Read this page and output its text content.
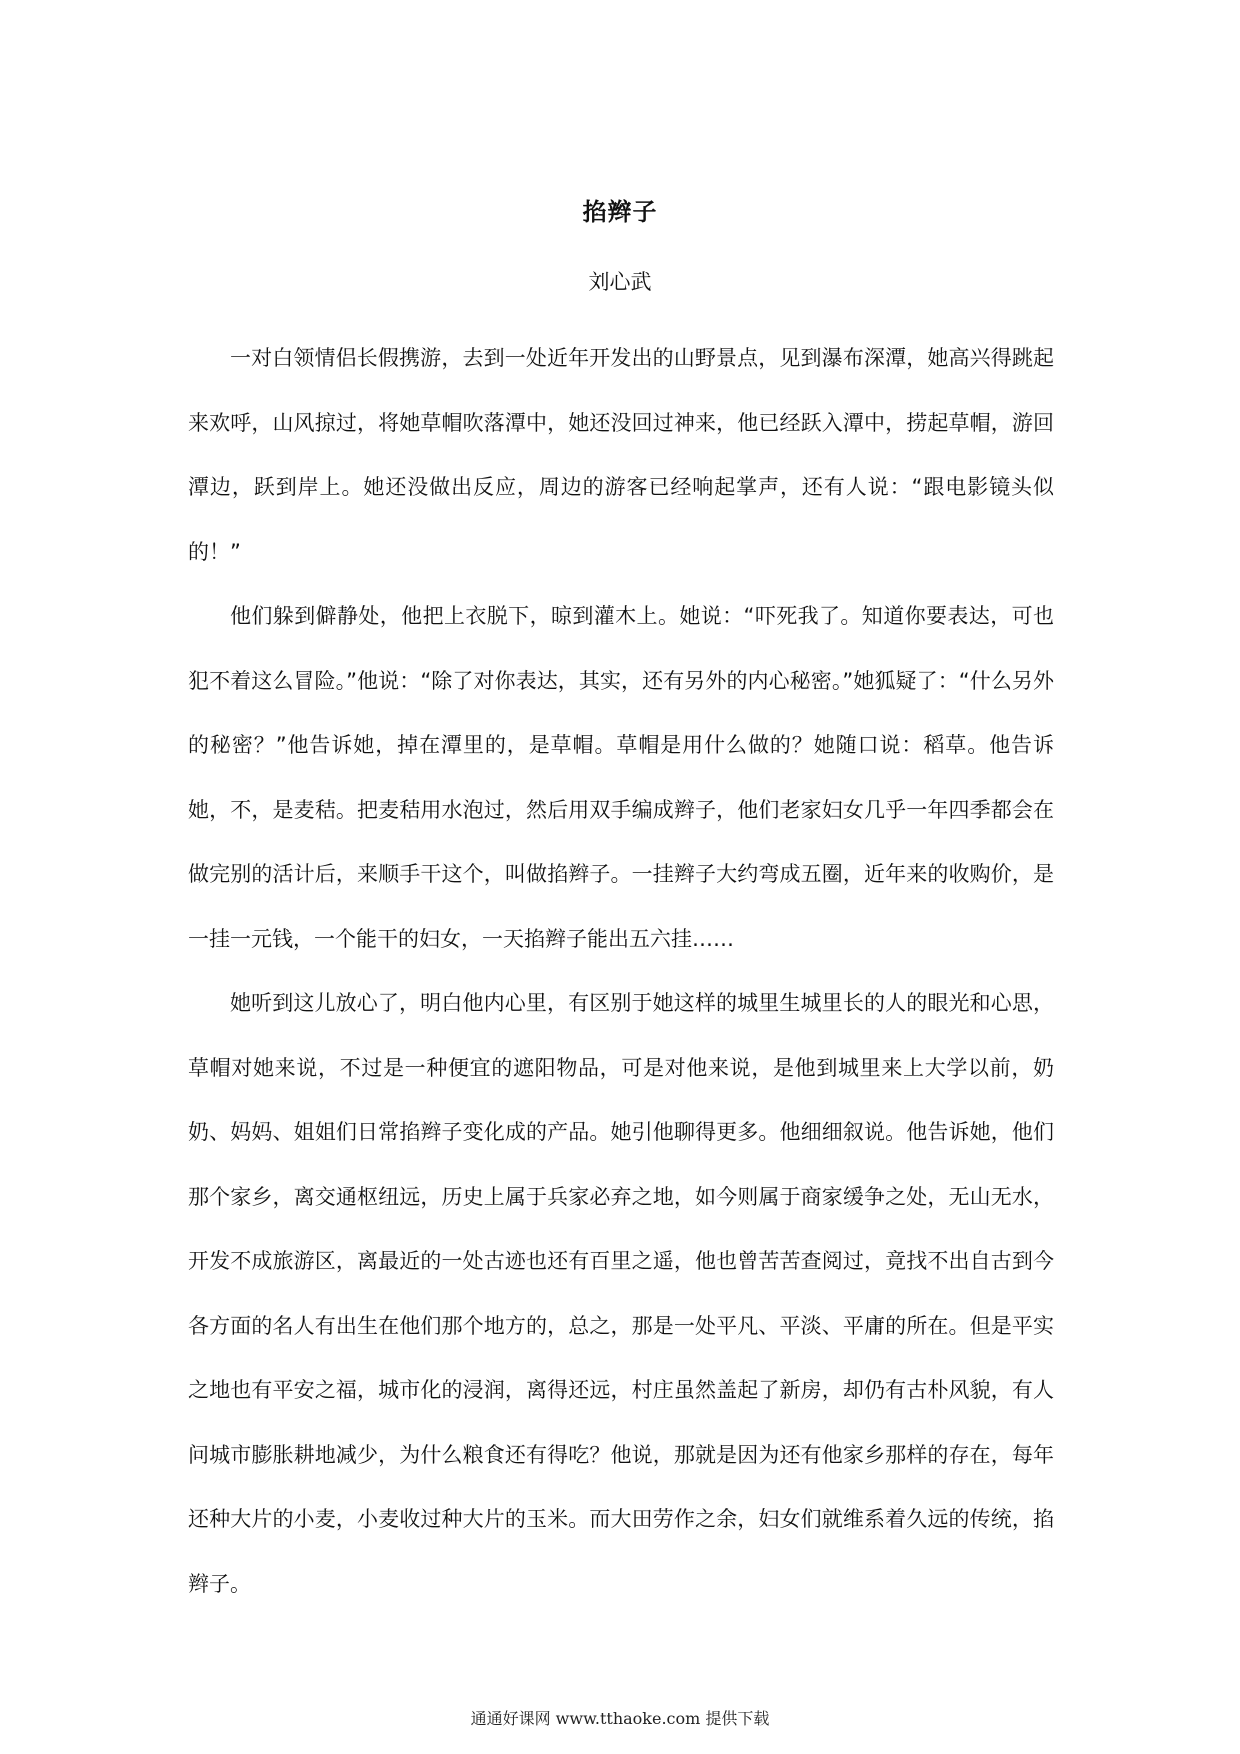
掐辫子
刘心武

一对白领情侣长假携游，去到一处近年开发出的山野景点，见到瀑布深潭，她高兴得跳起来欢呼，山风掠过，将她草帽吹落潭中，她还没回过神来，他已经跃入潭中，捞起草帽，游回潭边，跃到岸上。她还没做出反应，周边的游客已经响起掌声，还有人说：“跟电影镜头似的！”

他们躲到僻静处，他把上衣脱下，晾到灌木上。她说：“吓死我了。知道你要表达，可也犯不着这么冒险。”他说：“除了对你表达，其实，还有另外的内心秘密。”她狐疑了：“什么另外的秘密？”他告诉她，掉在潭里的，是草帽。草帽是用什么做的？她随口说：稻草。他告诉她，不，是麦秸。把麦秸用水泡过，然后用双手编成辫子，他们老家妇女几乎一年四季都会在做完别的活计后，来顺手干这个，叫做掐辫子。一挂辫子大约弯成五圈，近年来的收购价，是一挂一元钱，一个能干的妇女，一天掐辫子能出五六挂……

她听到这儿放心了，明白他内心里，有区别于她这样的城里生城里长的人的眼光和心思，草帽对她来说，不过是一种便宜的遮阳物品，可是对他来说，是他到城里来上大学以前，奶奶、妈妈、姐姐们日常掐辫子变化成的产品。她引他聊得更多。他细细叙说。他告诉她，他们那个家乡，离交通枢纽远，历史上属于兵家必弃之地，如今则属于商家缓争之处，无山无水，开发不成旅游区，离最近的一处古迹也还有百里之遥，他也曾苦苦查阅过，竟找不出自古到今各方面的名人有出生在他们那个地方的，总之，那是一处平凡、平淡、平庸的所在。但是平实之地也有平安之福，城市化的浸润，离得还远，村庄虽然盖起了新房，却仍有古朴风貌，有人问城市膨胀耕地减少，为什么粮食还有得吃？他说，那就是因为还有他家乡那样的存在，每年还种大片的小麦，小麦收过种大片的玉米。而大田劳作之余，妇女们就维系着久远的传统，掐辫子。

通通好课网 www.tthaoke.com 提供下载
